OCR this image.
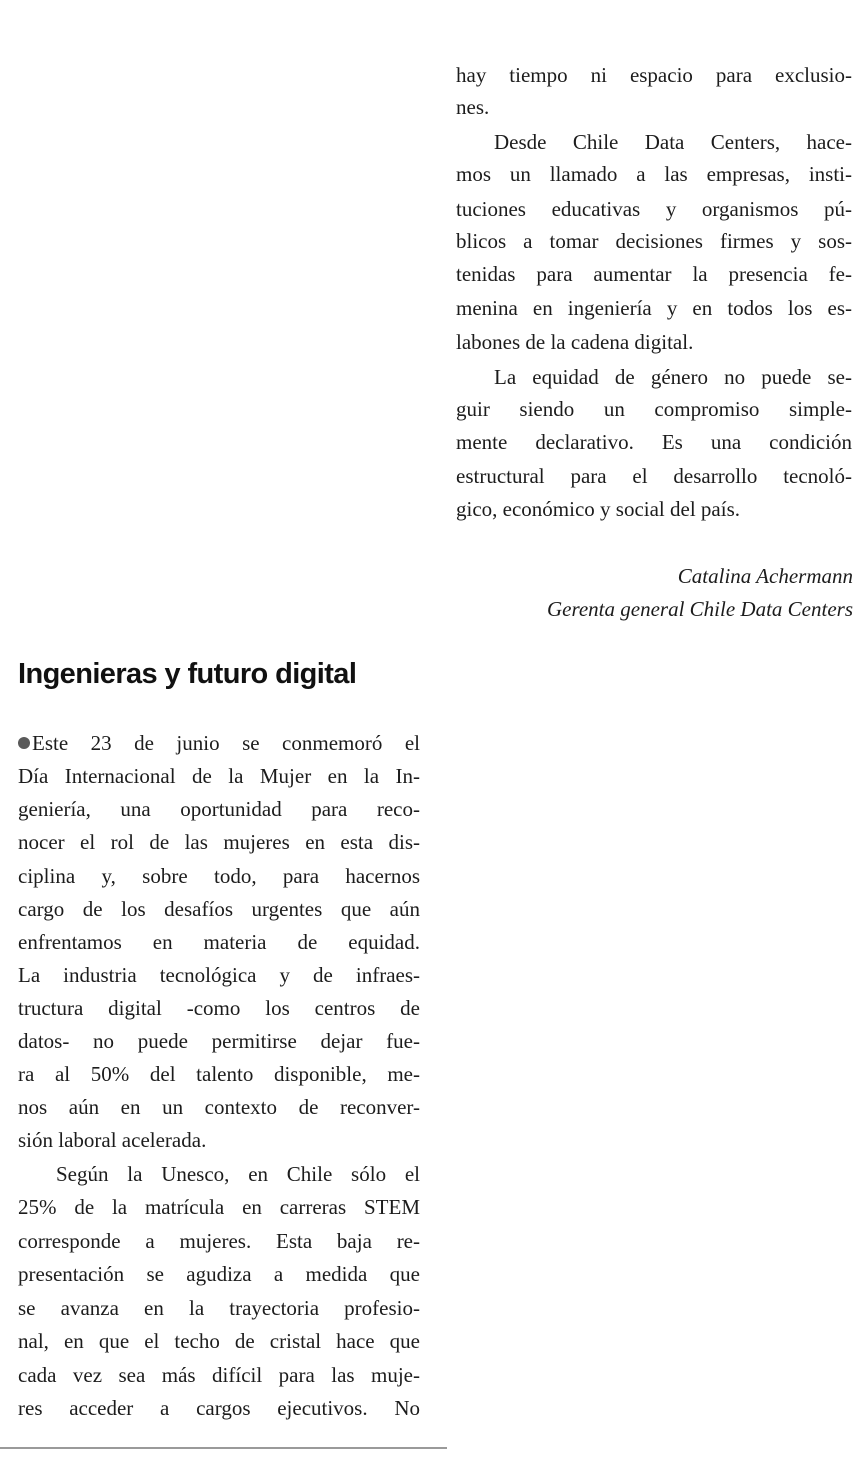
hay tiempo ni espacio para exclusio-
nes.
Desde Chile Data Centers, hace-
mos un llamado a las empresas, insti-
tuciones educativas y organismos pú-
blicos a tomar decisiones firmes y sos-
tenidas para aumentar la presencia fe-
menina en ingeniería y en todos los es-
labones de la cadena digital.
La equidad de género no puede se-
guir siendo un compromiso simple-
mente declarativo. Es una condición
estructural para el desarrollo tecnoló-
gico, económico y social del país.
Catalina Achermann
Gerenta general Chile Data Centers
Ingenieras y futuro digital
Este 23 de junio se conmemoró el
Día Internacional de la Mujer en la In-
geniería, una oportunidad para reco-
nocer el rol de las mujeres en esta dis-
ciplina y, sobre todo, para hacernos
cargo de los desafíos urgentes que aún
enfrentamos en materia de equidad.
La industria tecnológica y de infraes-
tructura digital -como los centros de
datos- no puede permitirse dejar fue-
ra al 50% del talento disponible, me-
nos aún en un contexto de reconver-
sión laboral acelerada.
Según la Unesco, en Chile sólo el
25% de la matrícula en carreras STEM
corresponde a mujeres. Esta baja re-
presentación se agudiza a medida que
se avanza en la trayectoria profesio-
nal, en que el techo de cristal hace que
cada vez sea más difícil para las muje-
res acceder a cargos ejecutivos. No
